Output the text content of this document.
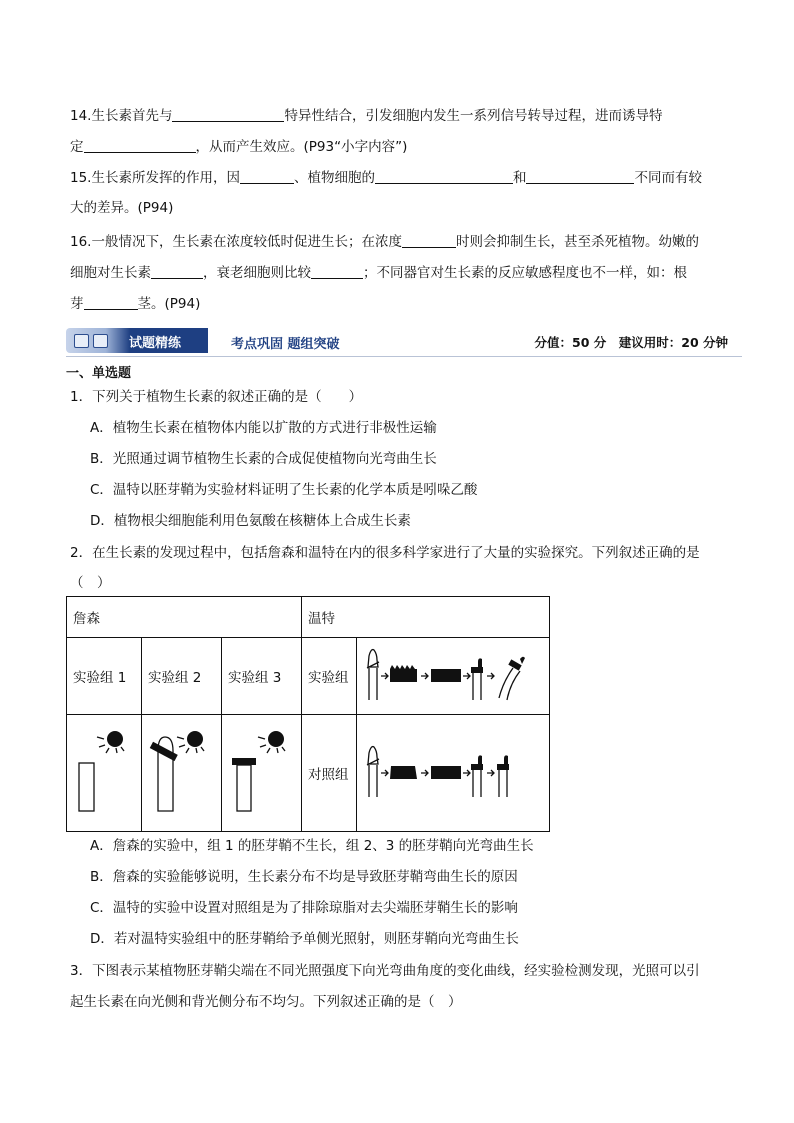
14.生长素首先与	特异性结合，引发细胞内发生一系列信号转导过程，进而诱导特
定	，从而产生效应。(P93“小字内容”)
15.生长素所发挥的作用，因	、植物细胞的	和	不同而有较
大的差异。(P94)
16.一般情况下，生长素在浓度较低时促进生长；在浓度	时则会抑制生长，甚至杀死植物。幼嫩的
细胞对生长素	，衰老细胞则比较	；不同器官对生长素的反应敏感程度也不一样，如：根
芽	茎。(P94)
试题精练	考点巩固 题组突破	分值：50 分　建议用时：20 分钟
一、单选题
1．下列关于植物生长素的叙述正确的是（　　）
A．植物生长素在植物体内能以扩散的方式进行非极性运输
B．光照通过调节植物生长素的合成促使植物向光弯曲生长
C．温特以胚芽鞘为实验材料证明了生长素的化学本质是吲哚乙酸
D．植物根尖细胞能利用色氨酸在核糖体上合成生长素
2．在生长素的发现过程中，包括詹森和温特在内的很多科学家进行了大量的实验探究。下列叙述正确的是
（　）
詹森			温特	
实验组 1	实验组 2	实验组 3	实验组	
			对照组	
A．詹森的实验中，组 1 的胚芽鞘不生长，组 2、3 的胚芽鞘向光弯曲生长
B．詹森的实验能够说明，生长素分布不均是导致胚芽鞘弯曲生长的原因
C．温特的实验中设置对照组是为了排除琼脂对去尖端胚芽鞘生长的影响
D．若对温特实验组中的胚芽鞘给予单侧光照射，则胚芽鞘向光弯曲生长
3．下图表示某植物胚芽鞘尖端在不同光照强度下向光弯曲角度的变化曲线，经实验检测发现，光照可以引
起生长素在向光侧和背光侧分布不均匀。下列叙述正确的是（　）
